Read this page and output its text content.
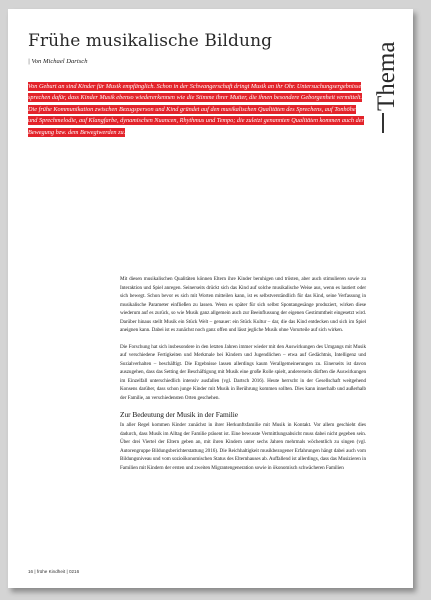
Frühe musikalische Bildung
| Von Michael Dartsch	Thema

Von Geburt an sind Kinder für Musik empfänglich. Schon in der Schwangerschaft dringt Musik an ihr Ohr. Untersuchungsergebnisse sprechen dafür, dass Kinder Musik ebenso wiedererkennen wie die Stimme ihrer Mutter, die ihnen besondere Geborgenheit vermittelt. Die frühe Kommunikation zwischen Bezugsperson und Kind gründet auf den musikalischen Qualitäten des Sprechens, auf Tonhöhe und Sprechmelodie, auf Klangfarbe, dynamischen Nuancen, Rhythmus und Tempo; die zuletzt genannten Qualitäten kommen auch der Bewegung bzw. dem Bewegtwerden zu.

Mit diesen musikalischen Qualitäten können Eltern ihre Kinder beruhigen und trösten, aber auch stimulieren sowie zu Interaktion und Spiel anregen. Seinerseits drückt sich das Kind auf solche musikalische Weise aus, wenn es lautiert oder sich bewegt. Schon bevor es sich mit Worten mitteilen kann, ist es selbstverständlich für das Kind, seine Verfassung in musikalische Parameter einfließen zu lassen. Wenn es später für sich selbst Spontangesänge produziert, wirken diese wiederum auf es zurück, so wie Musik ganz allgemein auch zur Beeinflussung der eigenen Gestimmtheit eingesetzt wird. Darüber hinaus stellt Musik ein Stück Welt – genauer: ein Stück Kultur – dar, die das Kind entdecken und sich im Spiel aneignen kann. Dabei ist es zunächst noch ganz offen und lässt jegliche Musik ohne Vorurteile auf sich wirken.

Die Forschung hat sich insbesondere in den letzten Jahren immer wieder mit den Auswirkungen des Umgangs mit Musik auf verschiedene Fertigkeiten und Merkmale bei Kindern und Jugendlichen – etwa auf Gedächtnis, Intelligenz und Sozialverhalten – beschäftigt. Die Ergebnisse lassen allerdings kaum Verallgemeinerungen zu. Einerseits ist davon auszugehen, dass das Setting der Beschäftigung mit Musik eine große Rolle spielt, andererseits dürften die Auswirkungen im Einzelfall unterschiedlich intensiv ausfallen (vgl. Dartsch 2016). Heute herrscht in der Gesellschaft weitgehend Konsens darüber, dass schon junge Kinder mit Musik in Berührung kommen sollten. Dies kann innerhalb und außerhalb der Familie, an verschiedensten Orten geschehen.

Zur Bedeutung der Musik in der Familie

In aller Regel kommen Kinder zunächst in ihrer Herkunftsfamilie mit Musik in Kontakt. Vor allem geschieht dies dadurch, dass Musik im Alltag der Familie präsent ist. Eine bewusste Vermittlungsabsicht muss dabei nicht gegeben sein. Über drei Viertel der Eltern geben an, mit ihren Kindern unter sechs Jahren mehrmals wöchentlich zu singen (vgl. Autorengruppe Bildungsberichterstattung 2016). Die Reichhaltigkeit musikbezogener Erfahrungen hängt dabei auch vom Bildungsniveau und vom sozioökonomischen Status des Elternhauses ab. Auffallend ist allerdings, dass das Musizieren in Familien mit Kindern der ersten und zweiten Migrantengeneration sowie in ökonomisch schwächeren Familien

16 | frühe Kindheit | 0216
